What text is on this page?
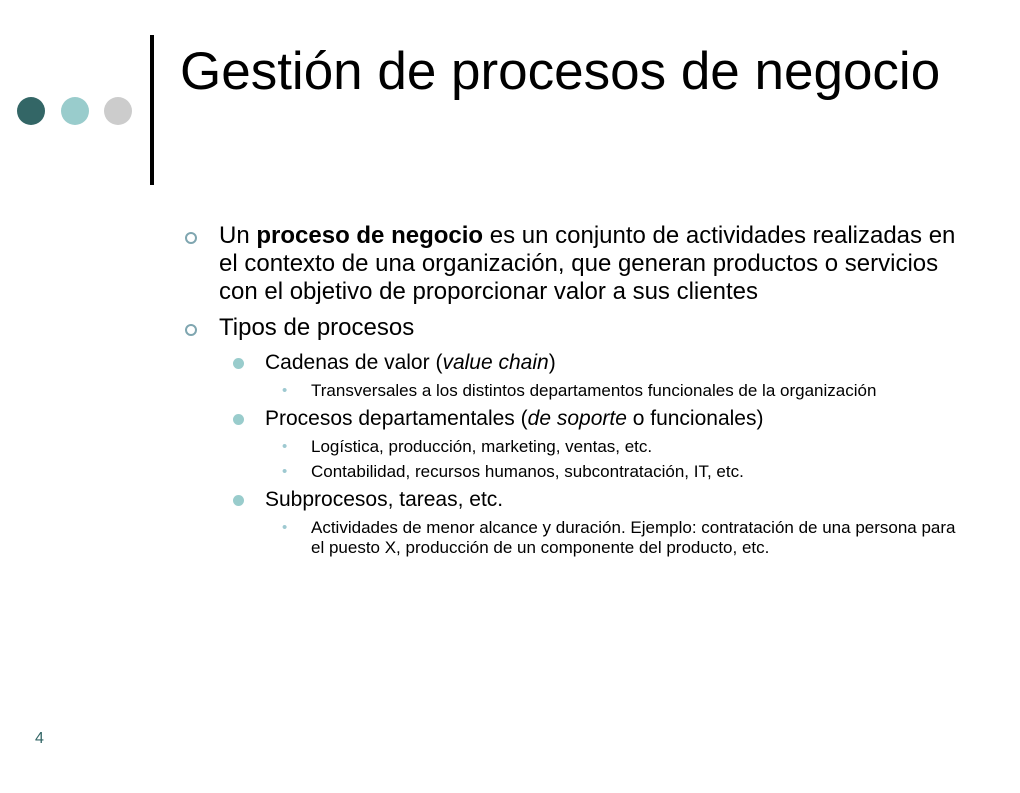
Gestión de procesos de negocio
Un proceso de negocio es un conjunto de actividades realizadas en el contexto de una organización, que generan productos o servicios con el objetivo de proporcionar valor a sus clientes
Tipos de procesos
Cadenas de valor (value chain)
• Transversales a los distintos departamentos funcionales de la organización
Procesos departamentales (de soporte o funcionales)
• Logística, producción, marketing, ventas, etc.
• Contabilidad, recursos humanos, subcontratación, IT, etc.
Subprocesos, tareas, etc.
• Actividades de menor alcance y duración. Ejemplo: contratación de una persona para el puesto X, producción de un componente del producto, etc.
4
